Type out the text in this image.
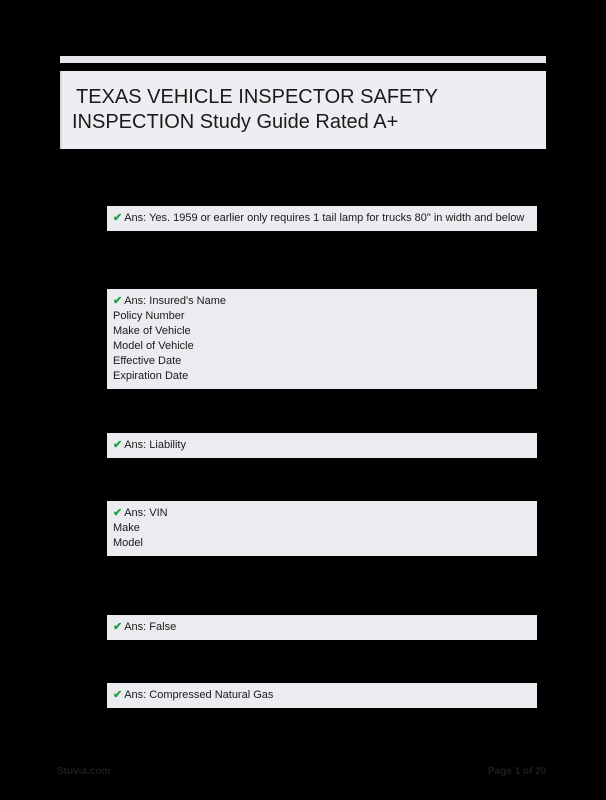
TEXAS VEHICLE INSPECTOR SAFETY
INSPECTION Study Guide Rated A+
✔ Ans: Yes. 1959 or earlier only requires 1 tail lamp for trucks 80" in width and below
✔ Ans: Insured's Name
Policy Number
Make of Vehicle
Model of Vehicle
Effective Date
Expiration Date
✔ Ans: Liability
✔ Ans: VIN
Make
Model
✔ Ans: False
✔ Ans: Compressed Natural Gas
Stuvia.com	Page 1 of 20
